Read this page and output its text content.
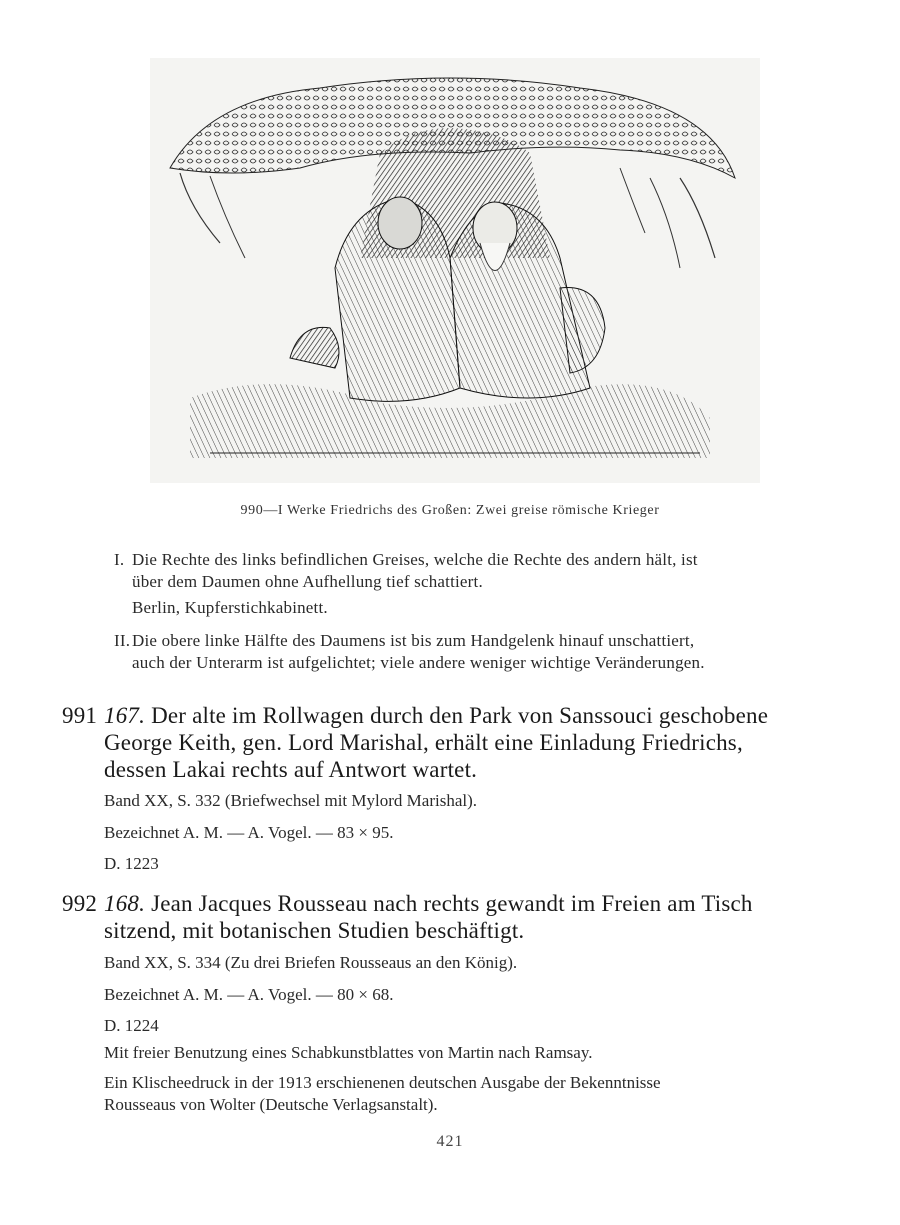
990—I Werke Friedrichs des Großen: Zwei greise römische Krieger
I. Die Rechte des links befindlichen Greises, welche die Rechte des andern hält, ist
über dem Daumen ohne Aufhellung tief schattiert.
Berlin, Kupferstichkabinett.
II. Die obere linke Hälfte des Daumens ist bis zum Handgelenk hinauf unschattiert,
auch der Unterarm ist aufgelichtet; viele andere weniger wichtige Veränderungen.
991 167. Der alte im Rollwagen durch den Park von Sanssouci geschobene
George Keith, gen. Lord Marishal, erhält eine Einladung Friedrichs,
dessen Lakai rechts auf Antwort wartet.
Band XX, S. 332 (Briefwechsel mit Mylord Marishal).
Bezeichnet A. M. — A. Vogel. — 83 × 95.
D. 1223
992 168. Jean Jacques Rousseau nach rechts gewandt im Freien am Tisch
sitzend, mit botanischen Studien beschäftigt.
Band XX, S. 334 (Zu drei Briefen Rousseaus an den König).
Bezeichnet A. M. — A. Vogel. — 80 × 68.
D. 1224
Mit freier Benutzung eines Schabkunstblattes von Martin nach Ramsay.
Ein Klischeedruck in der 1913 erschienenen deutschen Ausgabe der Bekenntnisse
Rousseaus von Wolter (Deutsche Verlagsanstalt).
421
